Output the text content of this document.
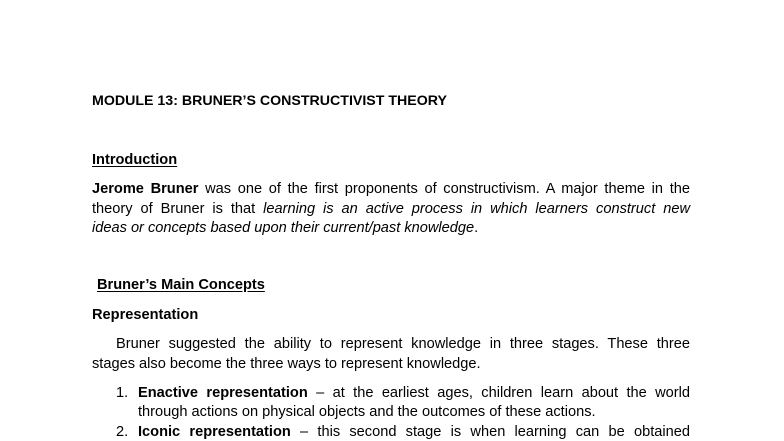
MODULE 13: BRUNER’S CONSTRUCTIVIST THEORY
Introduction
Jerome Bruner was one of the first proponents of constructivism. A major theme in the
theory of Bruner is that learning is an active process in which learners construct new
ideas or concepts based upon their current/past knowledge.
Bruner’s Main Concepts
Representation
Bruner suggested the ability to represent knowledge in three stages. These three
stages also become the three ways to represent knowledge.
1. Enactive representation – at the earliest ages, children learn about the world
through actions on physical objects and the outcomes of these actions.
2. Iconic representation – this second stage is when learning can be obtained
